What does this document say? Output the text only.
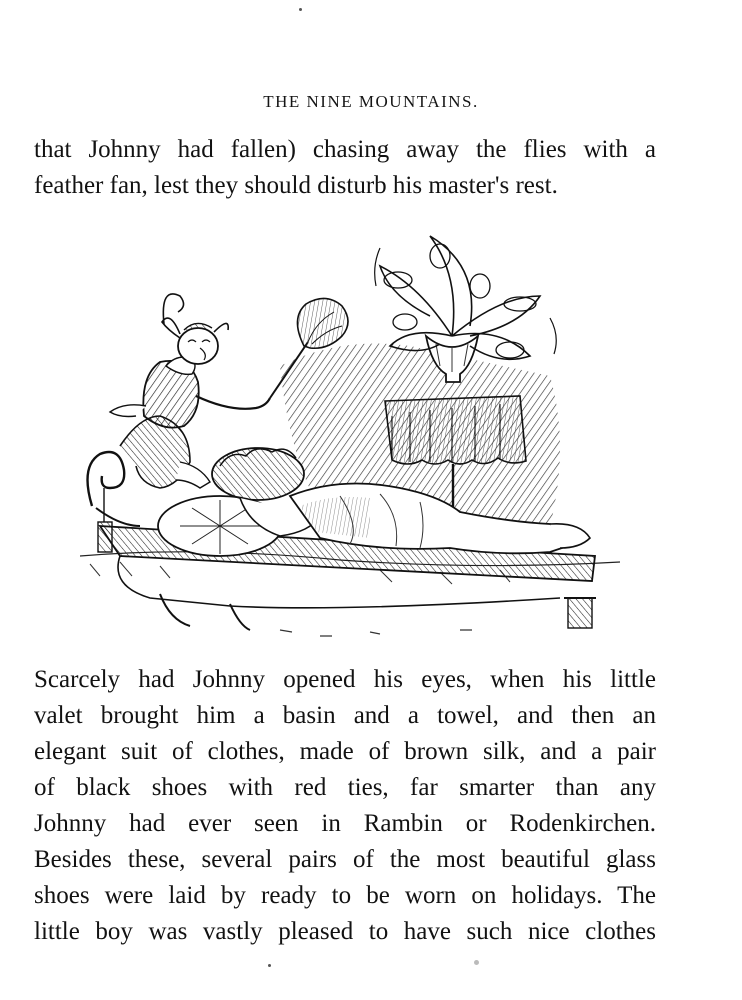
THE NINE MOUNTAINS.
that Johnny had fallen) chasing away the flies with a
feather fan, lest they should disturb his master's rest.
Scarcely had Johnny opened his eyes, when his little
valet brought him a basin and a towel, and then an
elegant suit of clothes, made of brown silk, and a pair
of black shoes with red ties, far smarter than any
Johnny had ever seen in Rambin or Rodenkirchen.
Besides these, several pairs of the most beautiful glass
shoes were laid by ready to be worn on holidays. The
little boy was vastly pleased to have such nice clothes
